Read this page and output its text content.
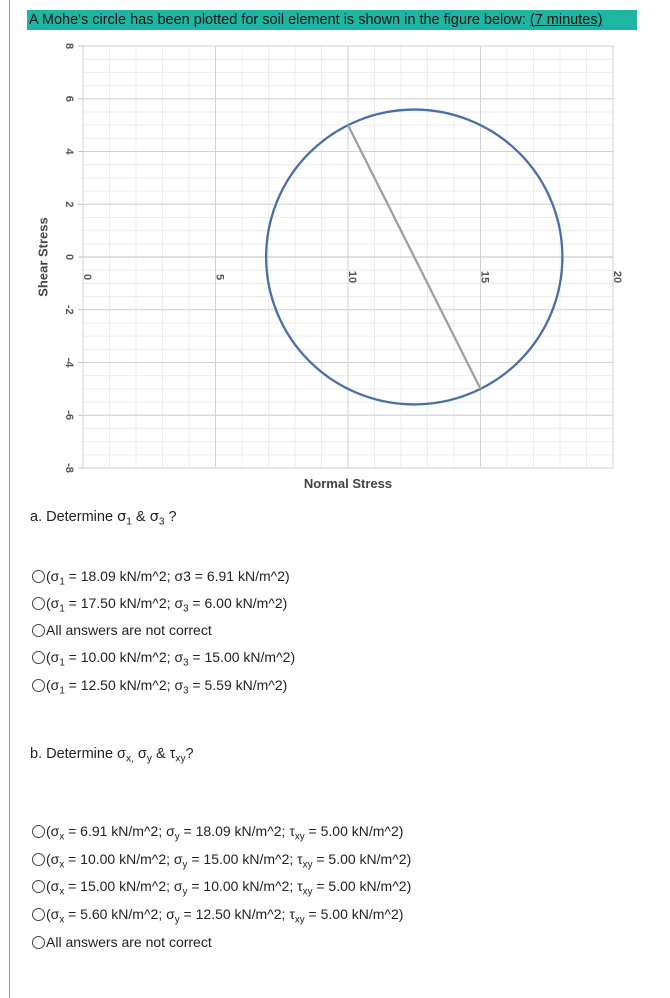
A Mohe's circle has been plotted for soil element is shown in the figure below: (7 minutes)
0	5	10	15	20
8
6
4
2
0
-2
-4
-6
-8
Normal Stress
Shear Stress
a. Determine $\sigma_1$ & $\sigma_3$ ?
($\sigma_1 = 18.09$ kN/m^2; σ3 = 6.91 kN/m^2)
($\sigma_1 = 17.50$ kN/m^2; $\sigma_3 = 6.00$ kN/m^2)
All answers are not correct
($\sigma_1 = 10.00$ kN/m^2; $\sigma_3 = 15.00$ kN/m^2)
($\sigma_1 = 12.50$ kN/m^2; $\sigma_3 = 5.59$ kN/m^2)
b. Determine $\sigma_{x,}$ $\sigma_y$ & $\tau_{xy}$?
($\sigma_x = 6.91$ kN/m^2; $\sigma_y = 18.09$ kN/m^2; $\tau_{xy} = 5.00$ kN/m^2)
($\sigma_x = 10.00$ kN/m^2; $\sigma_y = 15.00$ kN/m^2; $\tau_{xy} = 5.00$ kN/m^2)
($\sigma_x = 15.00$ kN/m^2; $\sigma_y = 10.00$ kN/m^2; $\tau_{xy} = 5.00$ kN/m^2)
($\sigma_x = 5.60$ kN/m^2; $\sigma_y = 12.50$ kN/m^2; $\tau_{xy} = 5.00$ kN/m^2)
All answers are not correct
